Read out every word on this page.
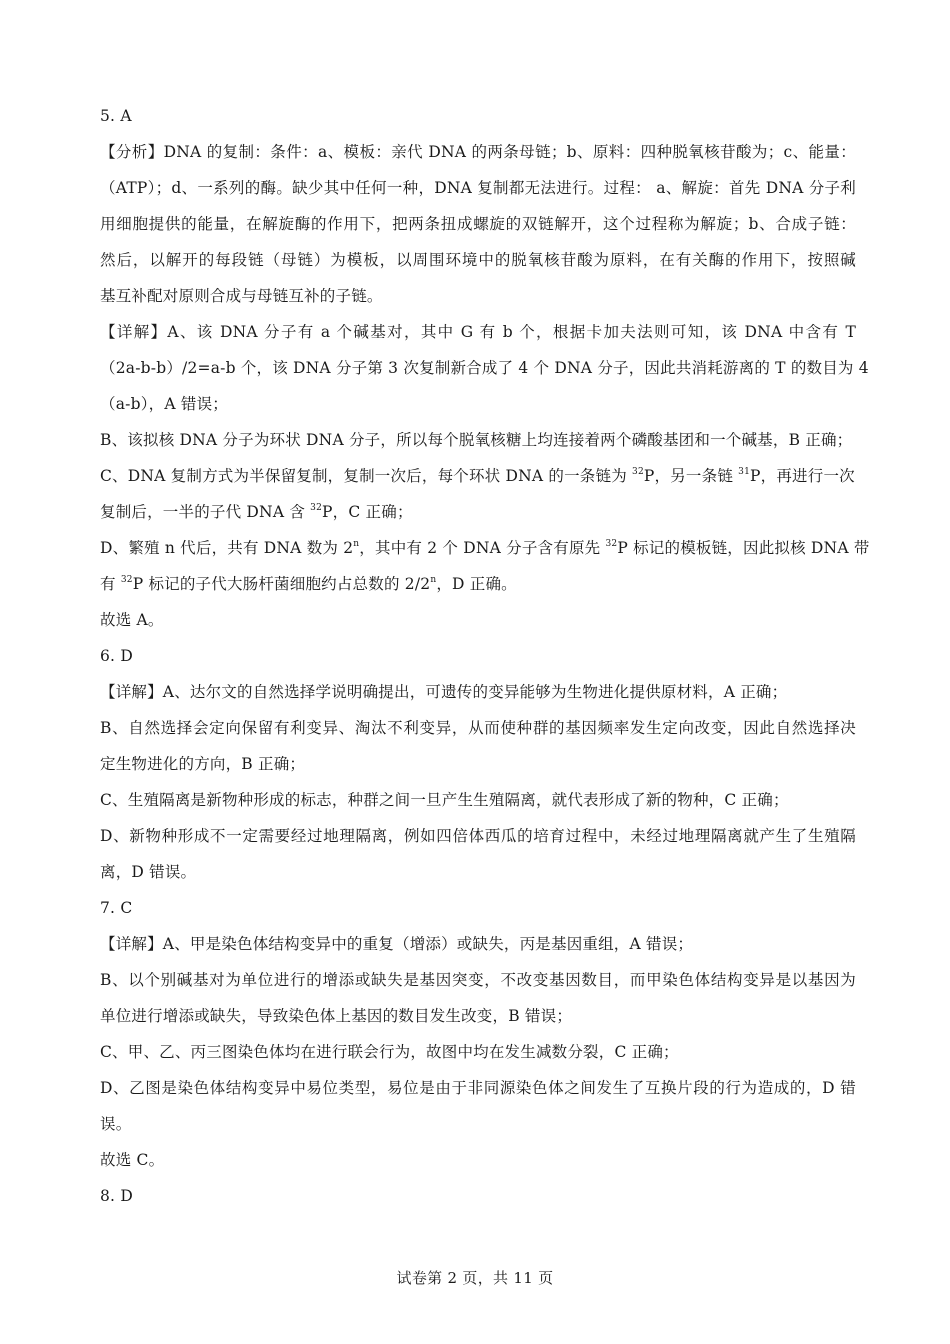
5. A
【分析】DNA 的复制：条件：a、模板：亲代 DNA 的两条母链；b、原料：四种脱氧核苷酸为；c、能量：
（ATP）；d、一系列的酶。缺少其中任何一种，DNA 复制都无法进行。过程： a、解旋：首先 DNA 分子利
用细胞提供的能量，在解旋酶的作用下，把两条扭成螺旋的双链解开，这个过程称为解旋；b、合成子链：
然后，以解开的每段链（母链）为模板，以周围环境中的脱氧核苷酸为原料，在有关酶的作用下，按照碱
基互补配对原则合成与母链互补的子链。
【详解】A、该 DNA 分子有 a 个碱基对，其中 G 有 b 个，根据卡加夫法则可知，该 DNA 中含有 T
（2a-b-b）/2=a-b 个，该 DNA 分子第 3 次复制新合成了 4 个 DNA 分子，因此共消耗游离的 T 的数目为 4
（a-b），A 错误；
B、该拟核 DNA 分子为环状 DNA 分子，所以每个脱氧核糖上均连接着两个磷酸基团和一个碱基，B 正确；
C、DNA 复制方式为半保留复制，复制一次后，每个环状 DNA 的一条链为 $^{32}$P，另一条链 $^{31}$P，再进行一次
复制后，一半的子代 DNA 含 $^{32}$P，C 正确；
D、繁殖 n 代后，共有 DNA 数为 2$^n$，其中有 2 个 DNA 分子含有原先 $^{32}$P 标记的模板链，因此拟核 DNA 带
有 $^{32}$P 标记的子代大肠杆菌细胞约占总数的 2/2$^n$，D 正确。
故选 A。
6. D
【详解】A、达尔文的自然选择学说明确提出，可遗传的变异能够为生物进化提供原材料，A 正确；
B、自然选择会定向保留有利变异、淘汰不利变异，从而使种群的基因频率发生定向改变，因此自然选择决
定生物进化的方向，B 正确；
C、生殖隔离是新物种形成的标志，种群之间一旦产生生殖隔离，就代表形成了新的物种，C 正确；
D、新物种形成不一定需要经过地理隔离，例如四倍体西瓜的培育过程中，未经过地理隔离就产生了生殖隔
离，D 错误。
7. C
【详解】A、甲是染色体结构变异中的重复（增添）或缺失，丙是基因重组，A 错误；
B、以个别碱基对为单位进行的增添或缺失是基因突变，不改变基因数目，而甲染色体结构变异是以基因为
单位进行增添或缺失，导致染色体上基因的数目发生改变，B 错误；
C、甲、乙、丙三图染色体均在进行联会行为，故图中均在发生减数分裂，C 正确；
D、乙图是染色体结构变异中易位类型，易位是由于非同源染色体之间发生了互换片段的行为造成的，D 错
误。
故选 C。
8. D
试卷第 2 页，共 11 页
